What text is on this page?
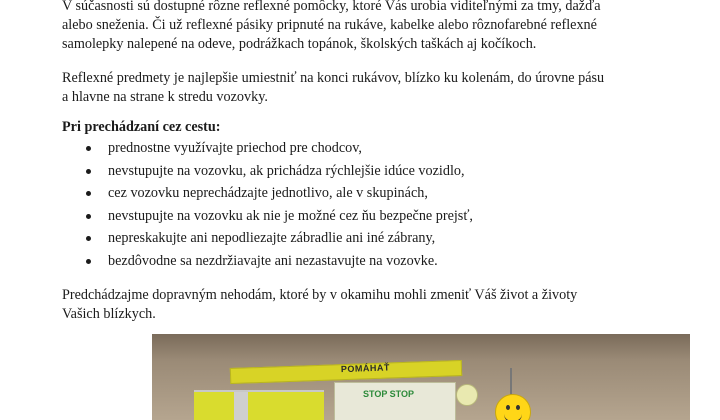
V súčasnosti sú dostupné rôzne reflexné pomôcky, ktoré Vás urobia viditeľnými za tmy, dažďa
alebo sneženia. Či už reflexné pásiky pripnuté na rukáve, kabelke alebo rôznofarebné reflexné
samolepky nalepené na odeve, podrážkach topánok, školských taškách aj kočíkoch.

Reflexné predmety je najlepšie umiestniť na konci rukávov, blízko ku kolenám, do úrovne pásu
a hlavne na strane k stredu vozovky.

Pri prechádzaní cez cestu:

prednostne využívajte priechod pre chodcov,
nevstupujte na vozovku, ak prichádza rýchlejšie idúce vozidlo,
cez vozovku neprechádzajte jednotlivo, ale v skupinách,
nevstupujte na vozovku ak nie je možné cez ňu bezpečne prejsť,
nepreskakujte ani nepodliezajte zábradlie ani iné zábrany,
bezdôvodne sa nezdržiavajte ani nezastavujte na vozovke.

Predchádzajme dopravným nehodám, ktoré by v okamihu mohli zmeniť Váš život a životy
Vašich blízkych.

POMÁHAŤ
STOP STOP
